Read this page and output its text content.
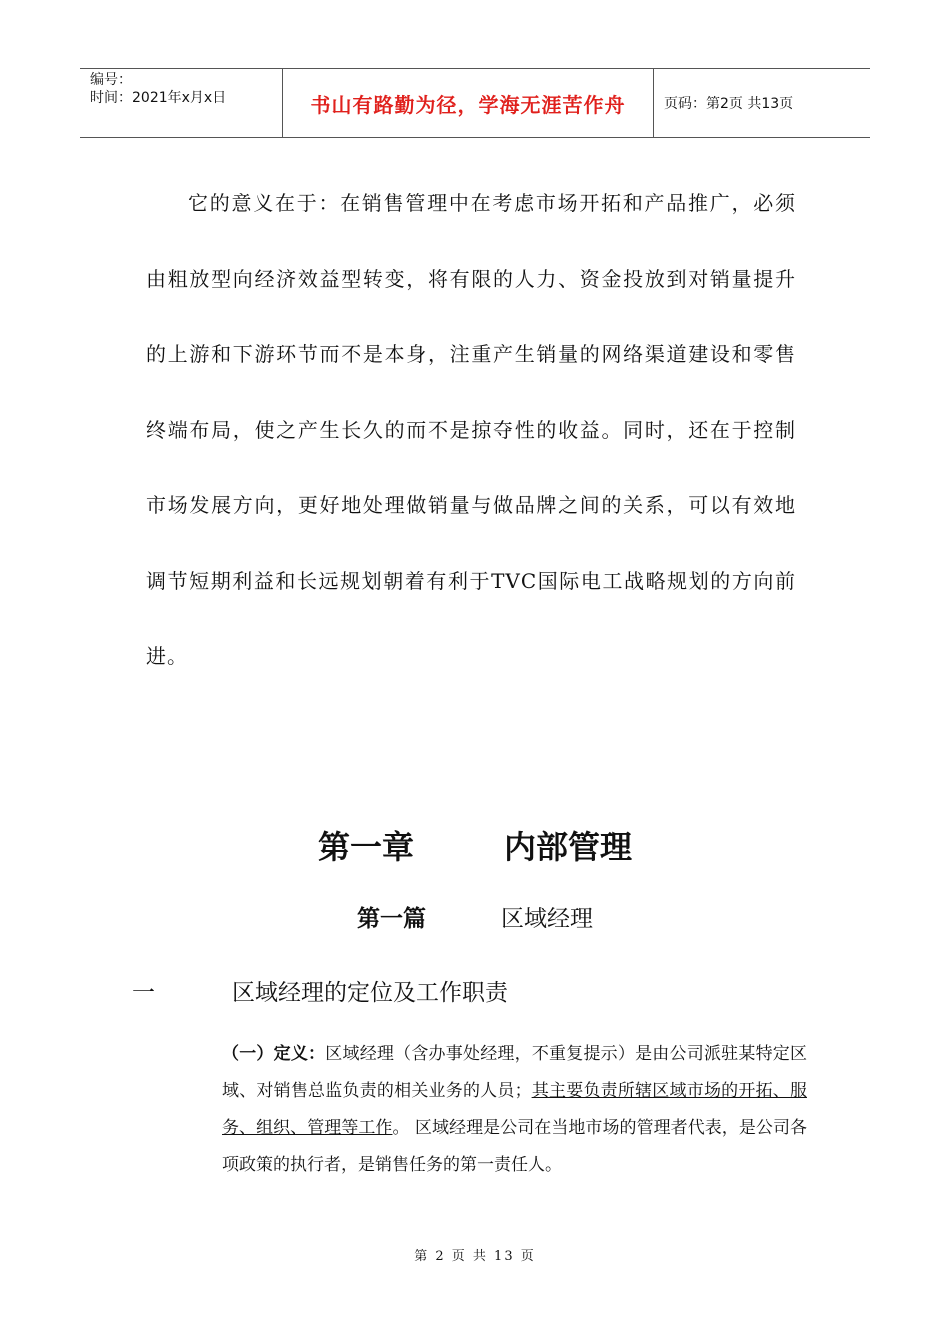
编号：
时间：2021年x月x日	书山有路勤为径，学海无涯苦作舟	页码：第2页 共13页

它的意义在于：在销售管理中在考虑市场开拓和产品推广，必须由粗放型向经济效益型转变，将有限的人力、资金投放到对销量提升的上游和下游环节而不是本身，注重产生销量的网络渠道建设和零售终端布局，使之产生长久的而不是掠夺性的收益。同时，还在于控制市场发展方向，更好地处理做销量与做品牌之间的关系，可以有效地调节短期利益和长远规划朝着有利于TVC国际电工战略规划的方向前进。

第一章	内部管理
第一篇	区域经理
一	区域经理的定位及工作职责

（一）定义：区域经理（含办事处经理，不重复提示）是由公司派驻某特定区域、对销售总监负责的相关业务的人员；其主要负责所辖区域市场的开拓、服务、组织、管理等工作。 区域经理是公司在当地市场的管理者代表，是公司各项政策的执行者，是销售任务的第一责任人。

第 2 页 共 13 页
